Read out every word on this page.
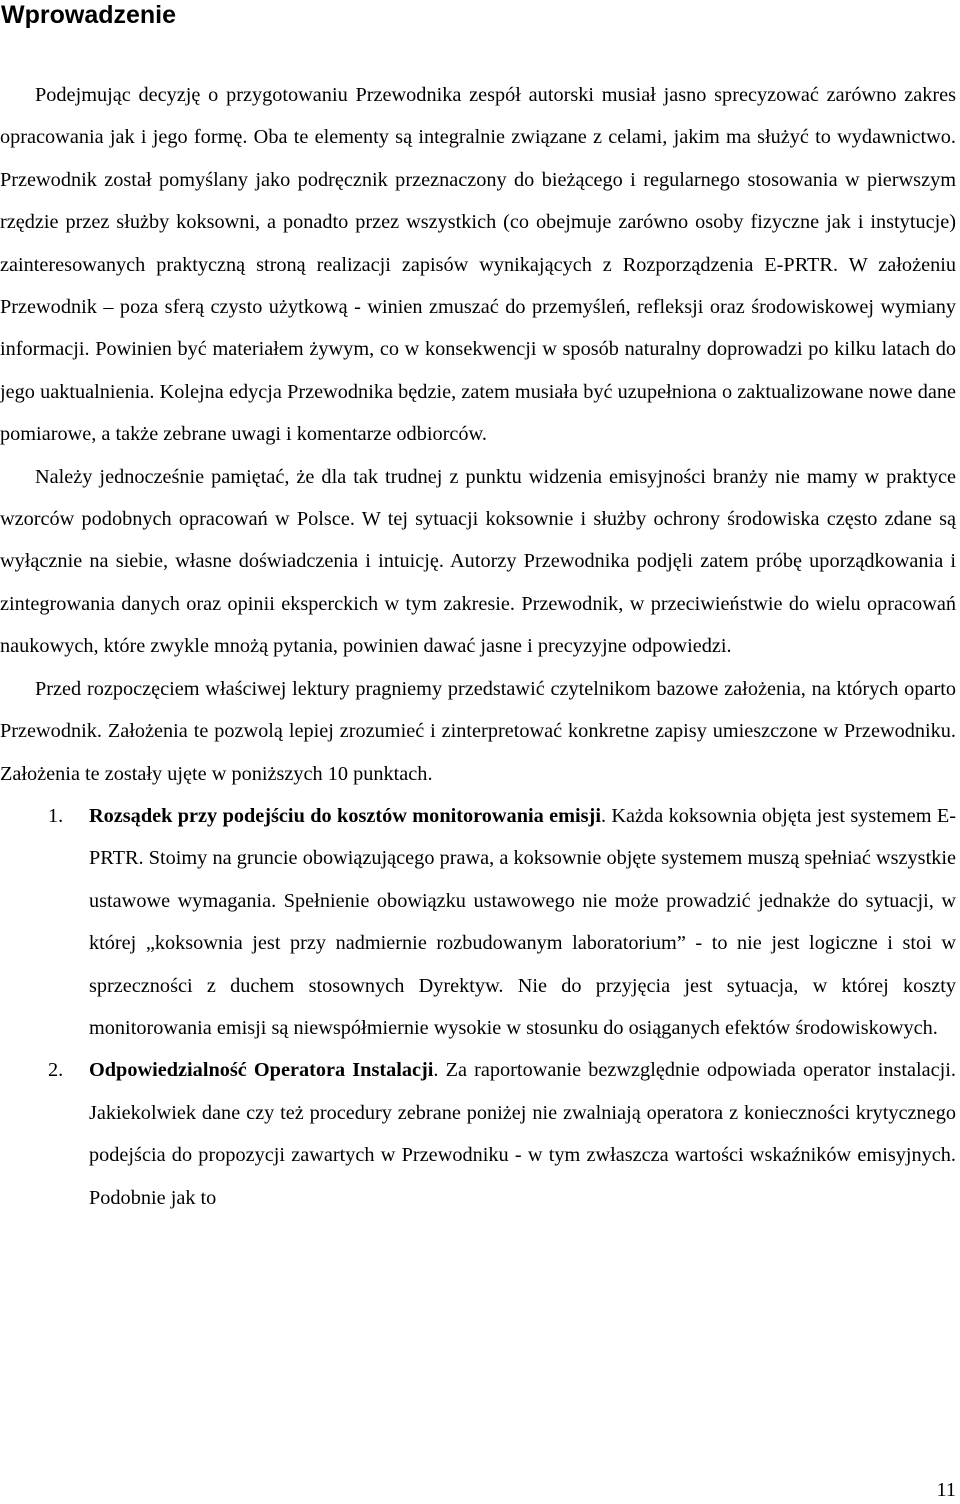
Wprowadzenie

Podejmując decyzję o przygotowaniu Przewodnika zespół autorski musiał jasno sprecyzować zarówno zakres opracowania jak i jego formę. Oba te elementy są integralnie związane z celami, jakim ma służyć to wydawnictwo. Przewodnik został pomyślany jako podręcznik przeznaczony do bieżącego i regularnego stosowania w pierwszym rzędzie przez służby koksowni, a ponadto przez wszystkich (co obejmuje zarówno osoby fizyczne jak i instytucje) zainteresowanych praktyczną stroną realizacji zapisów wynikających z Rozporządzenia E-PRTR. W założeniu Przewodnik – poza sferą czysto użytkową - winien zmuszać do przemyśleń, refleksji oraz środowiskowej wymiany informacji. Powinien być materiałem żywym, co w konsekwencji w sposób naturalny doprowadzi po kilku latach do jego uaktualnienia. Kolejna edycja Przewodnika będzie, zatem musiała być uzupełniona o zaktualizowane nowe dane pomiarowe, a także zebrane uwagi i komentarze odbiorców.

Należy jednocześnie pamiętać, że dla tak trudnej z punktu widzenia emisyjności branży nie mamy w praktyce wzorców podobnych opracowań w Polsce. W tej sytuacji koksownie i służby ochrony środowiska często zdane są wyłącznie na siebie, własne doświadczenia i intuicję. Autorzy Przewodnika podjęli zatem próbę uporządkowania i zintegrowania danych oraz opinii eksperckich w tym zakresie. Przewodnik, w przeciwieństwie do wielu opracowań naukowych, które zwykle mnożą pytania, powinien dawać jasne i precyzyjne odpowiedzi.

Przed rozpoczęciem właściwej lektury pragniemy przedstawić czytelnikom bazowe założenia, na których oparto Przewodnik. Założenia te pozwolą lepiej zrozumieć i zinterpretować konkretne zapisy umieszczone w Przewodniku. Założenia te zostały ujęte w poniższych 10 punktach.

1. Rozsądek przy podejściu do kosztów monitorowania emisji. Każda koksownia objęta jest systemem E-PRTR. Stoimy na gruncie obowiązującego prawa, a koksownie objęte systemem muszą spełniać wszystkie ustawowe wymagania. Spełnienie obowiązku ustawowego nie może prowadzić jednakże do sytuacji, w której „koksownia jest przy nadmiernie rozbudowanym laboratorium” - to nie jest logiczne i stoi w sprzeczności z duchem stosownych Dyrektyw. Nie do przyjęcia jest sytuacja, w której koszty monitorowania emisji są niewspółmiernie wysokie w stosunku do osiąganych efektów środowiskowych.
2. Odpowiedzialność Operatora Instalacji. Za raportowanie bezwzględnie odpowiada operator instalacji. Jakiekolwiek dane czy też procedury zebrane poniżej nie zwalniają operatora z konieczności krytycznego podejścia do propozycji zawartych w Przewodniku - w tym zwłaszcza wartości wskaźników emisyjnych. Podobnie jak to
11
